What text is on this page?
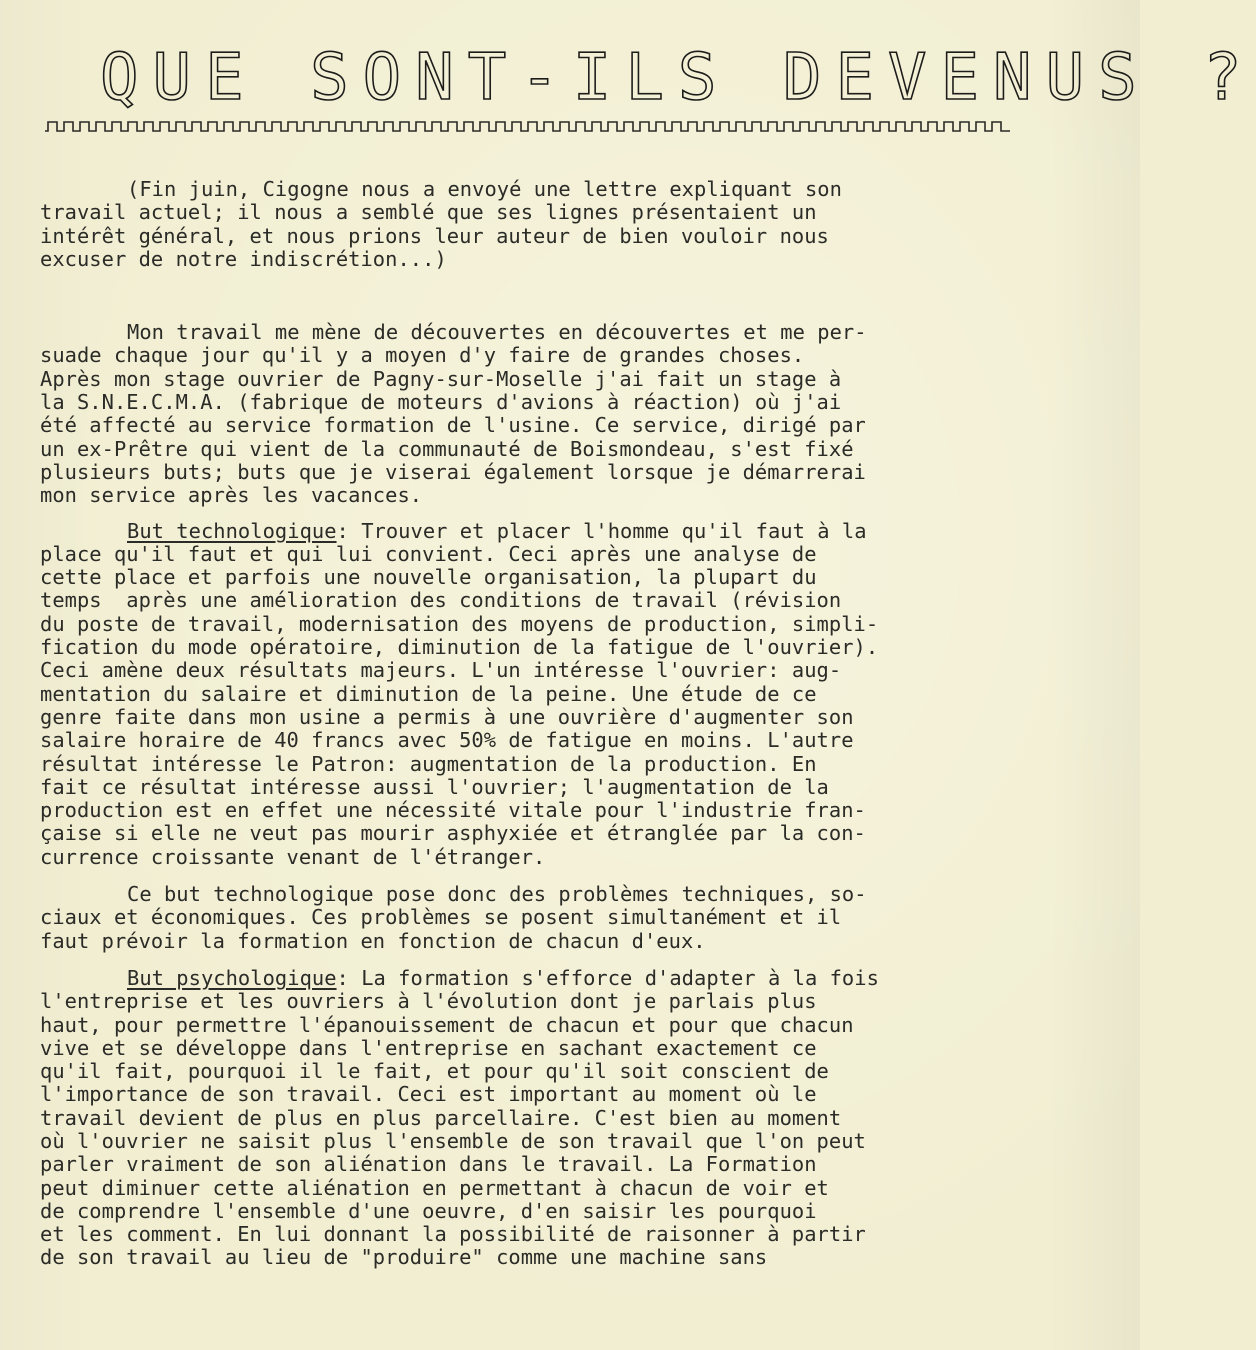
QUE SONT-ILS DEVENUS ?
(Fin juin, Cigogne nous a envoyé une lettre expliquant son
travail actuel; il nous a semblé que ses lignes présentaient un
intérêt général, et nous prions leur auteur de bien vouloir nous
excuser de notre indiscrétion...)
Mon travail me mène de découvertes en découvertes et me per-
suade chaque jour qu'il y a moyen d'y faire de grandes choses.
Après mon stage ouvrier de Pagny-sur-Moselle j'ai fait un stage à
la S.N.E.C.M.A. (fabrique de moteurs d'avions à réaction) où j'ai
été affecté au service formation de l'usine. Ce service, dirigé par
un ex-Prêtre qui vient de la communauté de Boismondeau, s'est fixé
plusieurs buts; buts que je viserai également lorsque je démarrerai
mon service après les vacances.
But technologique: Trouver et placer l'homme qu'il faut à la
place qu'il faut et qui lui convient. Ceci après une analyse de
cette place et parfois une nouvelle organisation, la plupart du
temps  après une amélioration des conditions de travail (révision
du poste de travail, modernisation des moyens de production, simpli-
fication du mode opératoire, diminution de la fatigue de l'ouvrier).
Ceci amène deux résultats majeurs. L'un intéresse l'ouvrier: aug-
mentation du salaire et diminution de la peine. Une étude de ce
genre faite dans mon usine a permis à une ouvrière d'augmenter son
salaire horaire de 40 francs avec 50% de fatigue en moins. L'autre
résultat intéresse le Patron: augmentation de la production. En
fait ce résultat intéresse aussi l'ouvrier; l'augmentation de la
production est en effet une nécessité vitale pour l'industrie fran-
çaise si elle ne veut pas mourir asphyxiée et étranglée par la con-
currence croissante venant de l'étranger.
Ce but technologique pose donc des problèmes techniques, so-
ciaux et économiques. Ces problèmes se posent simultanément et il
faut prévoir la formation en fonction de chacun d'eux.
But psychologique: La formation s'efforce d'adapter à la fois
l'entreprise et les ouvriers à l'évolution dont je parlais plus
haut, pour permettre l'épanouissement de chacun et pour que chacun
vive et se développe dans l'entreprise en sachant exactement ce
qu'il fait, pourquoi il le fait, et pour qu'il soit conscient de
l'importance de son travail. Ceci est important au moment où le
travail devient de plus en plus parcellaire. C'est bien au moment
où l'ouvrier ne saisit plus l'ensemble de son travail que l'on peut
parler vraiment de son aliénation dans le travail. La Formation
peut diminuer cette aliénation en permettant à chacun de voir et
de comprendre l'ensemble d'une oeuvre, d'en saisir les pourquoi
et les comment. En lui donnant la possibilité de raisonner à partir
de son travail au lieu de "produire" comme une machine sans
